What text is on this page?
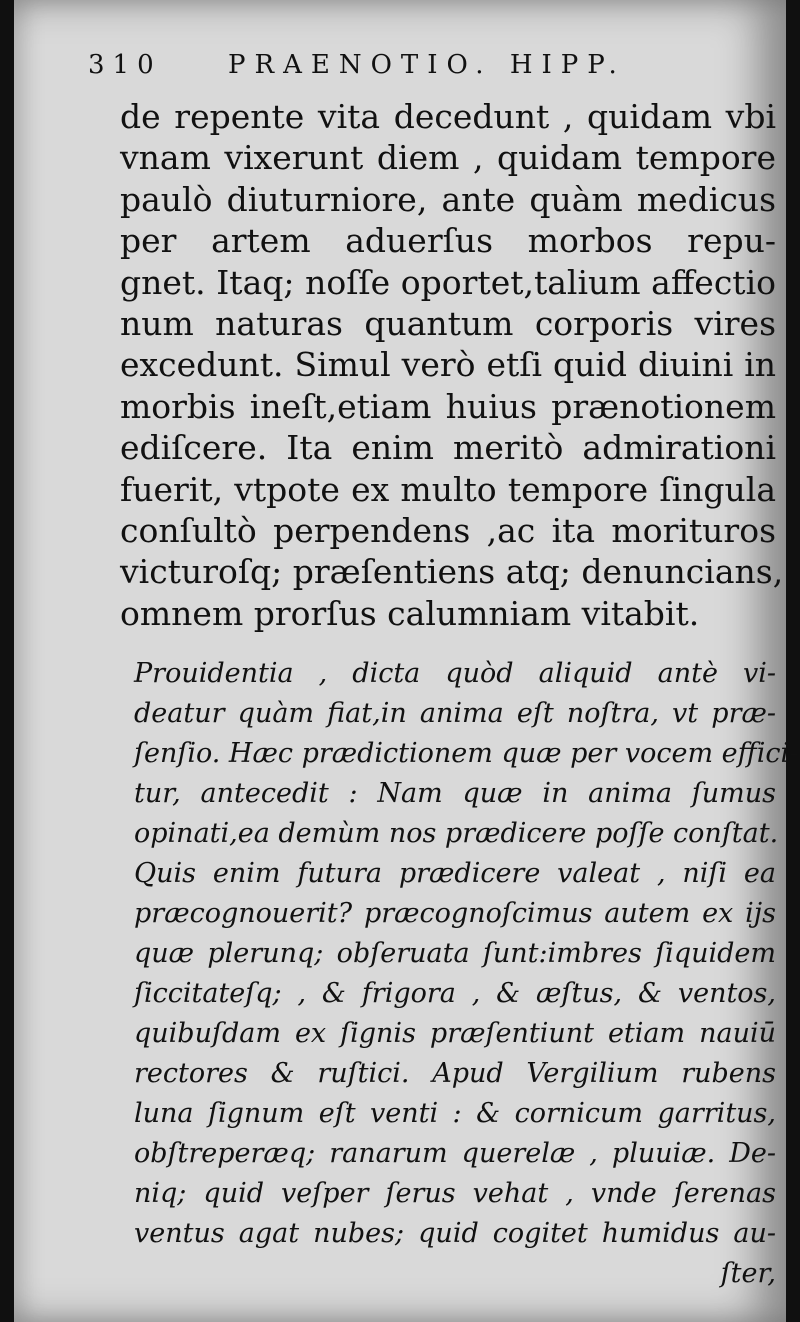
310	PRAENOTIO. HIPP.
de repente vita decedunt , quidam vbi
vnam vixerunt diem , quidam tempore
paulò diuturniore, ante quàm medicus
per artem aduerſus morbos repu-
gnet. Itaq; noſſe oportet,talium affectio
num naturas quantum corporis vires
excedunt. Simul verò etſi quid diuini in
morbis ineſt,etiam huius prænotionem
ediſcere. Ita enim meritò admirationi
fuerit, vtpote ex multo tempore ſingula
conſultò perpendens ,ac ita morituros
victuroſq; præſentiens atq; denuncians,
omnem prorſus calumniam vitabit.
Prouidentia , dicta quòd aliquid antè vi-
deatur quàm fiat,in anima eſt noſtra, vt præ-
ſenſio. Hæc prædictionem quæ per vocem effici-
tur, antecedit : Nam quæ in anima ſumus
opinati,ea demùm nos prædicere poſſe conſtat.
Quis enim futura prædicere valeat , niſi ea
præcognouerit? præcognoſcimus autem ex ijs
quæ plerunq; obſeruata ſunt:imbres ſiquidem
ſiccitateſq; , & frigora , & æſtus, & ventos,
quibuſdam ex ſignis præſentiunt etiam nauiū
rectores & ruſtici. Apud Vergilium rubens
luna ſignum eſt venti : & cornicum garritus,
obſtreperæq; ranarum querelæ , pluuiæ. De-
niq; quid veſper ſerus vehat , vnde ſerenas
ventus agat nubes; quid cogitet humidus au-
ſter,
